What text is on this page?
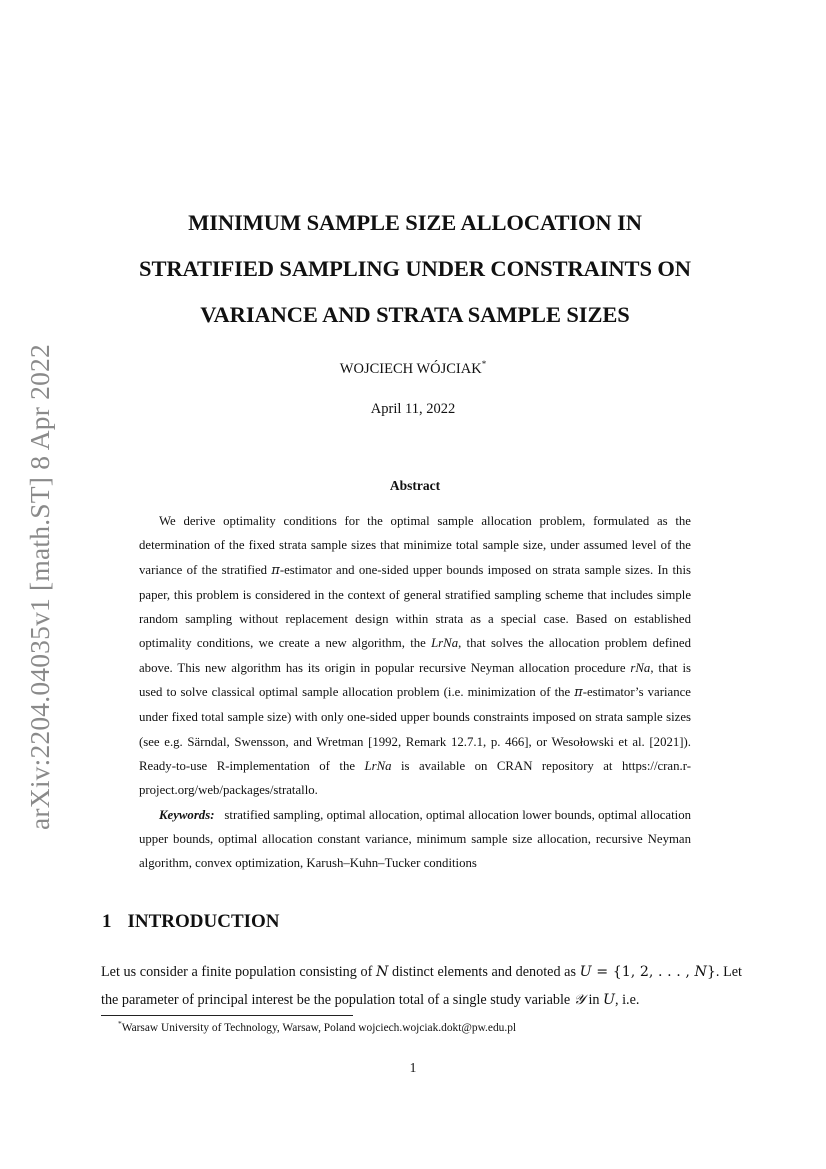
arXiv:2204.04035v1 [math.ST] 8 Apr 2022
MINIMUM SAMPLE SIZE ALLOCATION IN
STRATIFIED SAMPLING UNDER CONSTRAINTS ON
VARIANCE AND STRATA SAMPLE SIZES
WOJCIECH WÓJCIAK*
April 11, 2022
Abstract

We derive optimality conditions for the optimal sample allocation problem, formulated as the determination of the fixed strata sample sizes that minimize total sample size, under assumed level of the variance of the stratified π-estimator and one-sided upper bounds imposed on strata sample sizes. In this paper, this problem is considered in the context of general stratified sampling scheme that includes simple random sampling without replacement design within strata as a special case. Based on established optimality conditions, we create a new algorithm, the LrNa, that solves the allocation problem defined above. This new algorithm has its origin in popular recursive Neyman allocation procedure rNa, that is used to solve classical optimal sample allocation problem (i.e. minimization of the π-estimator’s variance under fixed total sample size) with only one-sided upper bounds constraints imposed on strata sample sizes (see e.g. Särndal, Swensson, and Wretman [1992, Remark 12.7.1, p. 466], or Wesołowski et al. [2021]). Ready-to-use R-implementation of the LrNa is available on CRAN repository at https://cran.r-project.org/web/packages/stratallo.

Keywords: stratified sampling, optimal allocation, optimal allocation lower bounds, optimal allocation upper bounds, optimal allocation constant variance, minimum sample size allocation, recursive Neyman algorithm, convex optimization, Karush–Kuhn–Tucker conditions

1 INTRODUCTION

Let us consider a finite population consisting of N distinct elements and denoted as U = {1, 2, . . . , N}. Let the parameter of principal interest be the population total of a single study variable 𝒴 in U, i.e.

*Warsaw University of Technology, Warsaw, Poland wojciech.wojciak.dokt@pw.edu.pl
1
